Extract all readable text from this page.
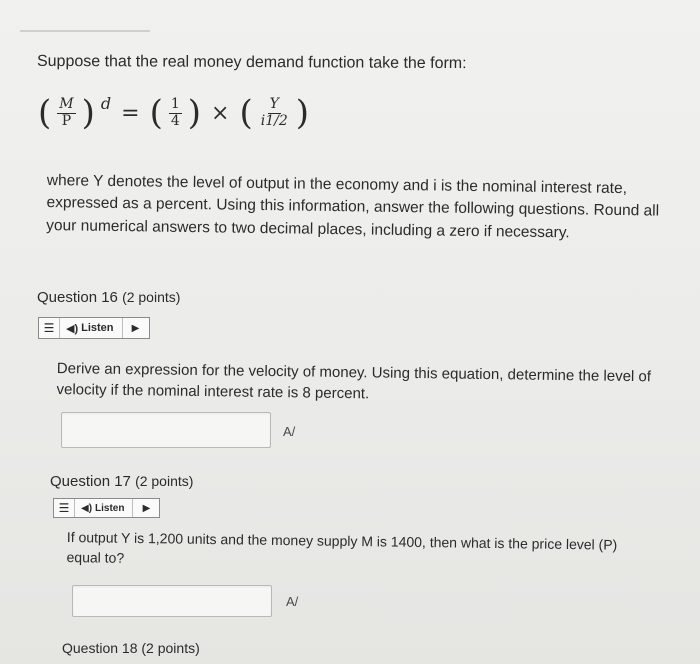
Suppose that the real money demand function take the form:
( $\frac{M}{P}$ ) d = ( $\frac{1}{4}$ ) × ( $\frac{Y}{i1/2}$ )
where Y denotes the level of output in the economy and i is the nominal interest rate, expressed as a percent. Using this information, answer the following questions. Round all your numerical answers to two decimal places, including a zero if necessary.
Question 16 (2 points)
☰ ◀) Listen	▶
Derive an expression for the velocity of money. Using this equation, determine the level of velocity if the nominal interest rate is 8 percent.
A/
Question 17 (2 points)
☰ ◀) Listen	▶
If output Y is 1,200 units and the money supply M is 1400, then what is the price level (P) equal to?
A/
Question 18 (2 points)
